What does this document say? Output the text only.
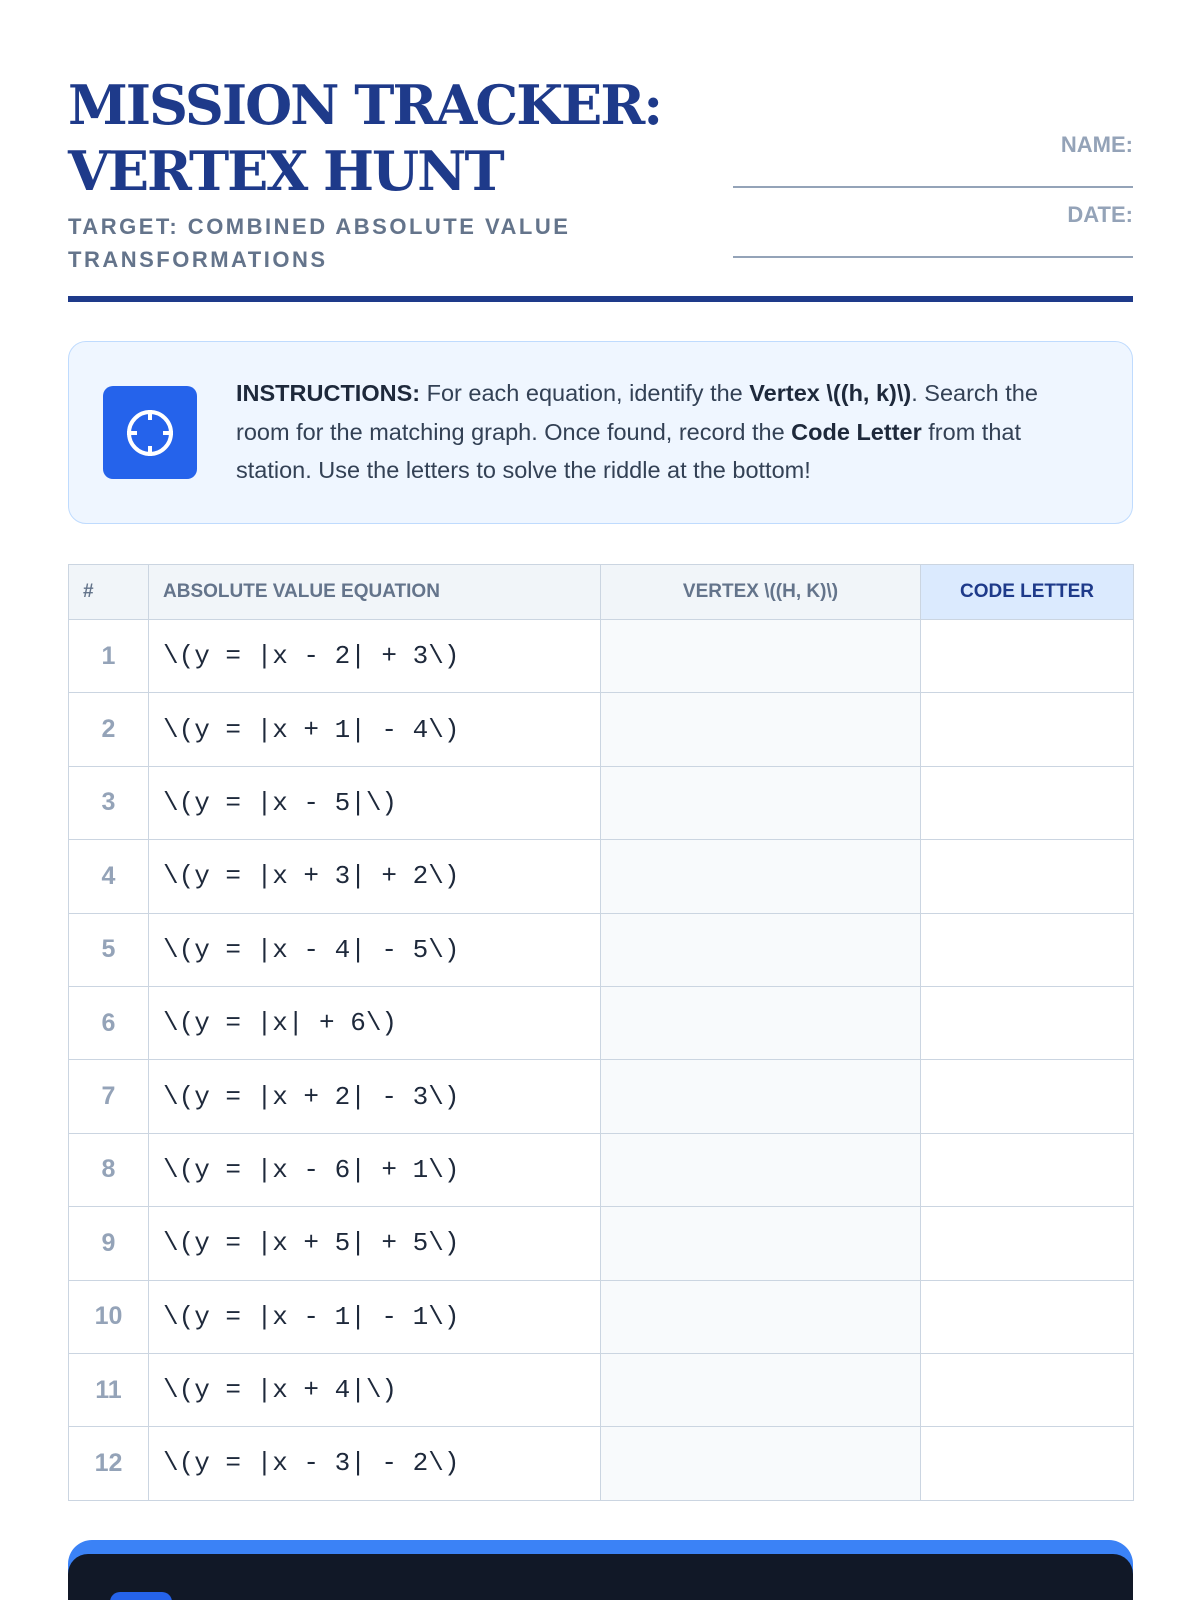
MISSION TRACKER:
VERTEX HUNT
TARGET: COMBINED ABSOLUTE VALUE TRANSFORMATIONS
NAME:
DATE:
INSTRUCTIONS: For each equation, identify the Vertex \((h, k)\). Search the room for the matching graph. Once found, record the Code Letter from that station. Use the letters to solve the riddle at the bottom!
#	ABSOLUTE VALUE EQUATION	VERTEX \((H, K)\)	CODE LETTER
1	\(y = |x - 2| + 3\)		
2	\(y = |x + 1| - 4\)		
3	\(y = |x - 5|\)		
4	\(y = |x + 3| + 2\)		
5	\(y = |x - 4| - 5\)		
6	\(y = |x| + 6\)		
7	\(y = |x + 2| - 3\)		
8	\(y = |x - 6| + 1\)		
9	\(y = |x + 5| + 5\)		
10	\(y = |x - 1| - 1\)		
11	\(y = |x + 4|\)		
12	\(y = |x - 3| - 2\)		
